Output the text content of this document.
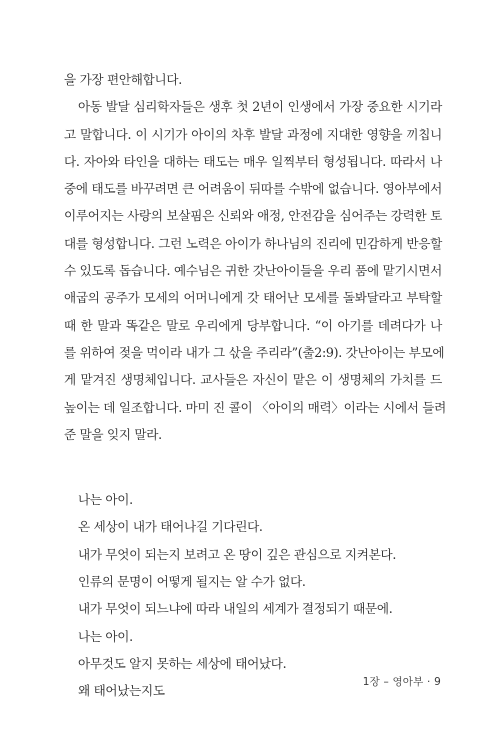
을 가장 편안해합니다.

아동 발달 심리학자들은 생후 첫 2년이 인생에서 가장 중요한 시기라

고 말합니다. 이 시기가 아이의 차후 발달 과정에 지대한 영향을 끼칩니

다. 자아와 타인을 대하는 태도는 매우 일찍부터 형성됩니다. 따라서 나

중에 태도를 바꾸려면 큰 어려움이 뒤따를 수밖에 없습니다. 영아부에서

이루어지는 사랑의 보살핌은 신뢰와 애정, 안전감을 심어주는 강력한 토

대를 형성합니다. 그런 노력은 아이가 하나님의 진리에 민감하게 반응할

수 있도록 돕습니다. 예수님은 귀한 갓난아이들을 우리 품에 맡기시면서

애굽의 공주가 모세의 어머니에게 갓 태어난 모세를 돌봐달라고 부탁할

때 한 말과 똑같은 말로 우리에게 당부합니다. “이 아기를 데려다가 나

를 위하여 젖을 먹이라 내가 그 삯을 주리라”(출2:9). 갓난아이는 부모에

게 맡겨진 생명체입니다. 교사들은 자신이 맡은 이 생명체의 가치를 드

높이는 데 일조합니다. 마미 진 콜이 〈아이의 매력〉이라는 시에서 들려

준 말을 잊지 말라.

나는 아이.

온 세상이 내가 태어나길 기다린다.

내가 무엇이 되는지 보려고 온 땅이 깊은 관심으로 지켜본다.

인류의 문명이 어떻게 될지는 알 수가 없다.

내가 무엇이 되느냐에 따라 내일의 세계가 결정되기 때문에.

나는 아이.

아무것도 알지 못하는 세상에 태어났다.

왜 태어났는지도

1장 – 영아부 · 9
